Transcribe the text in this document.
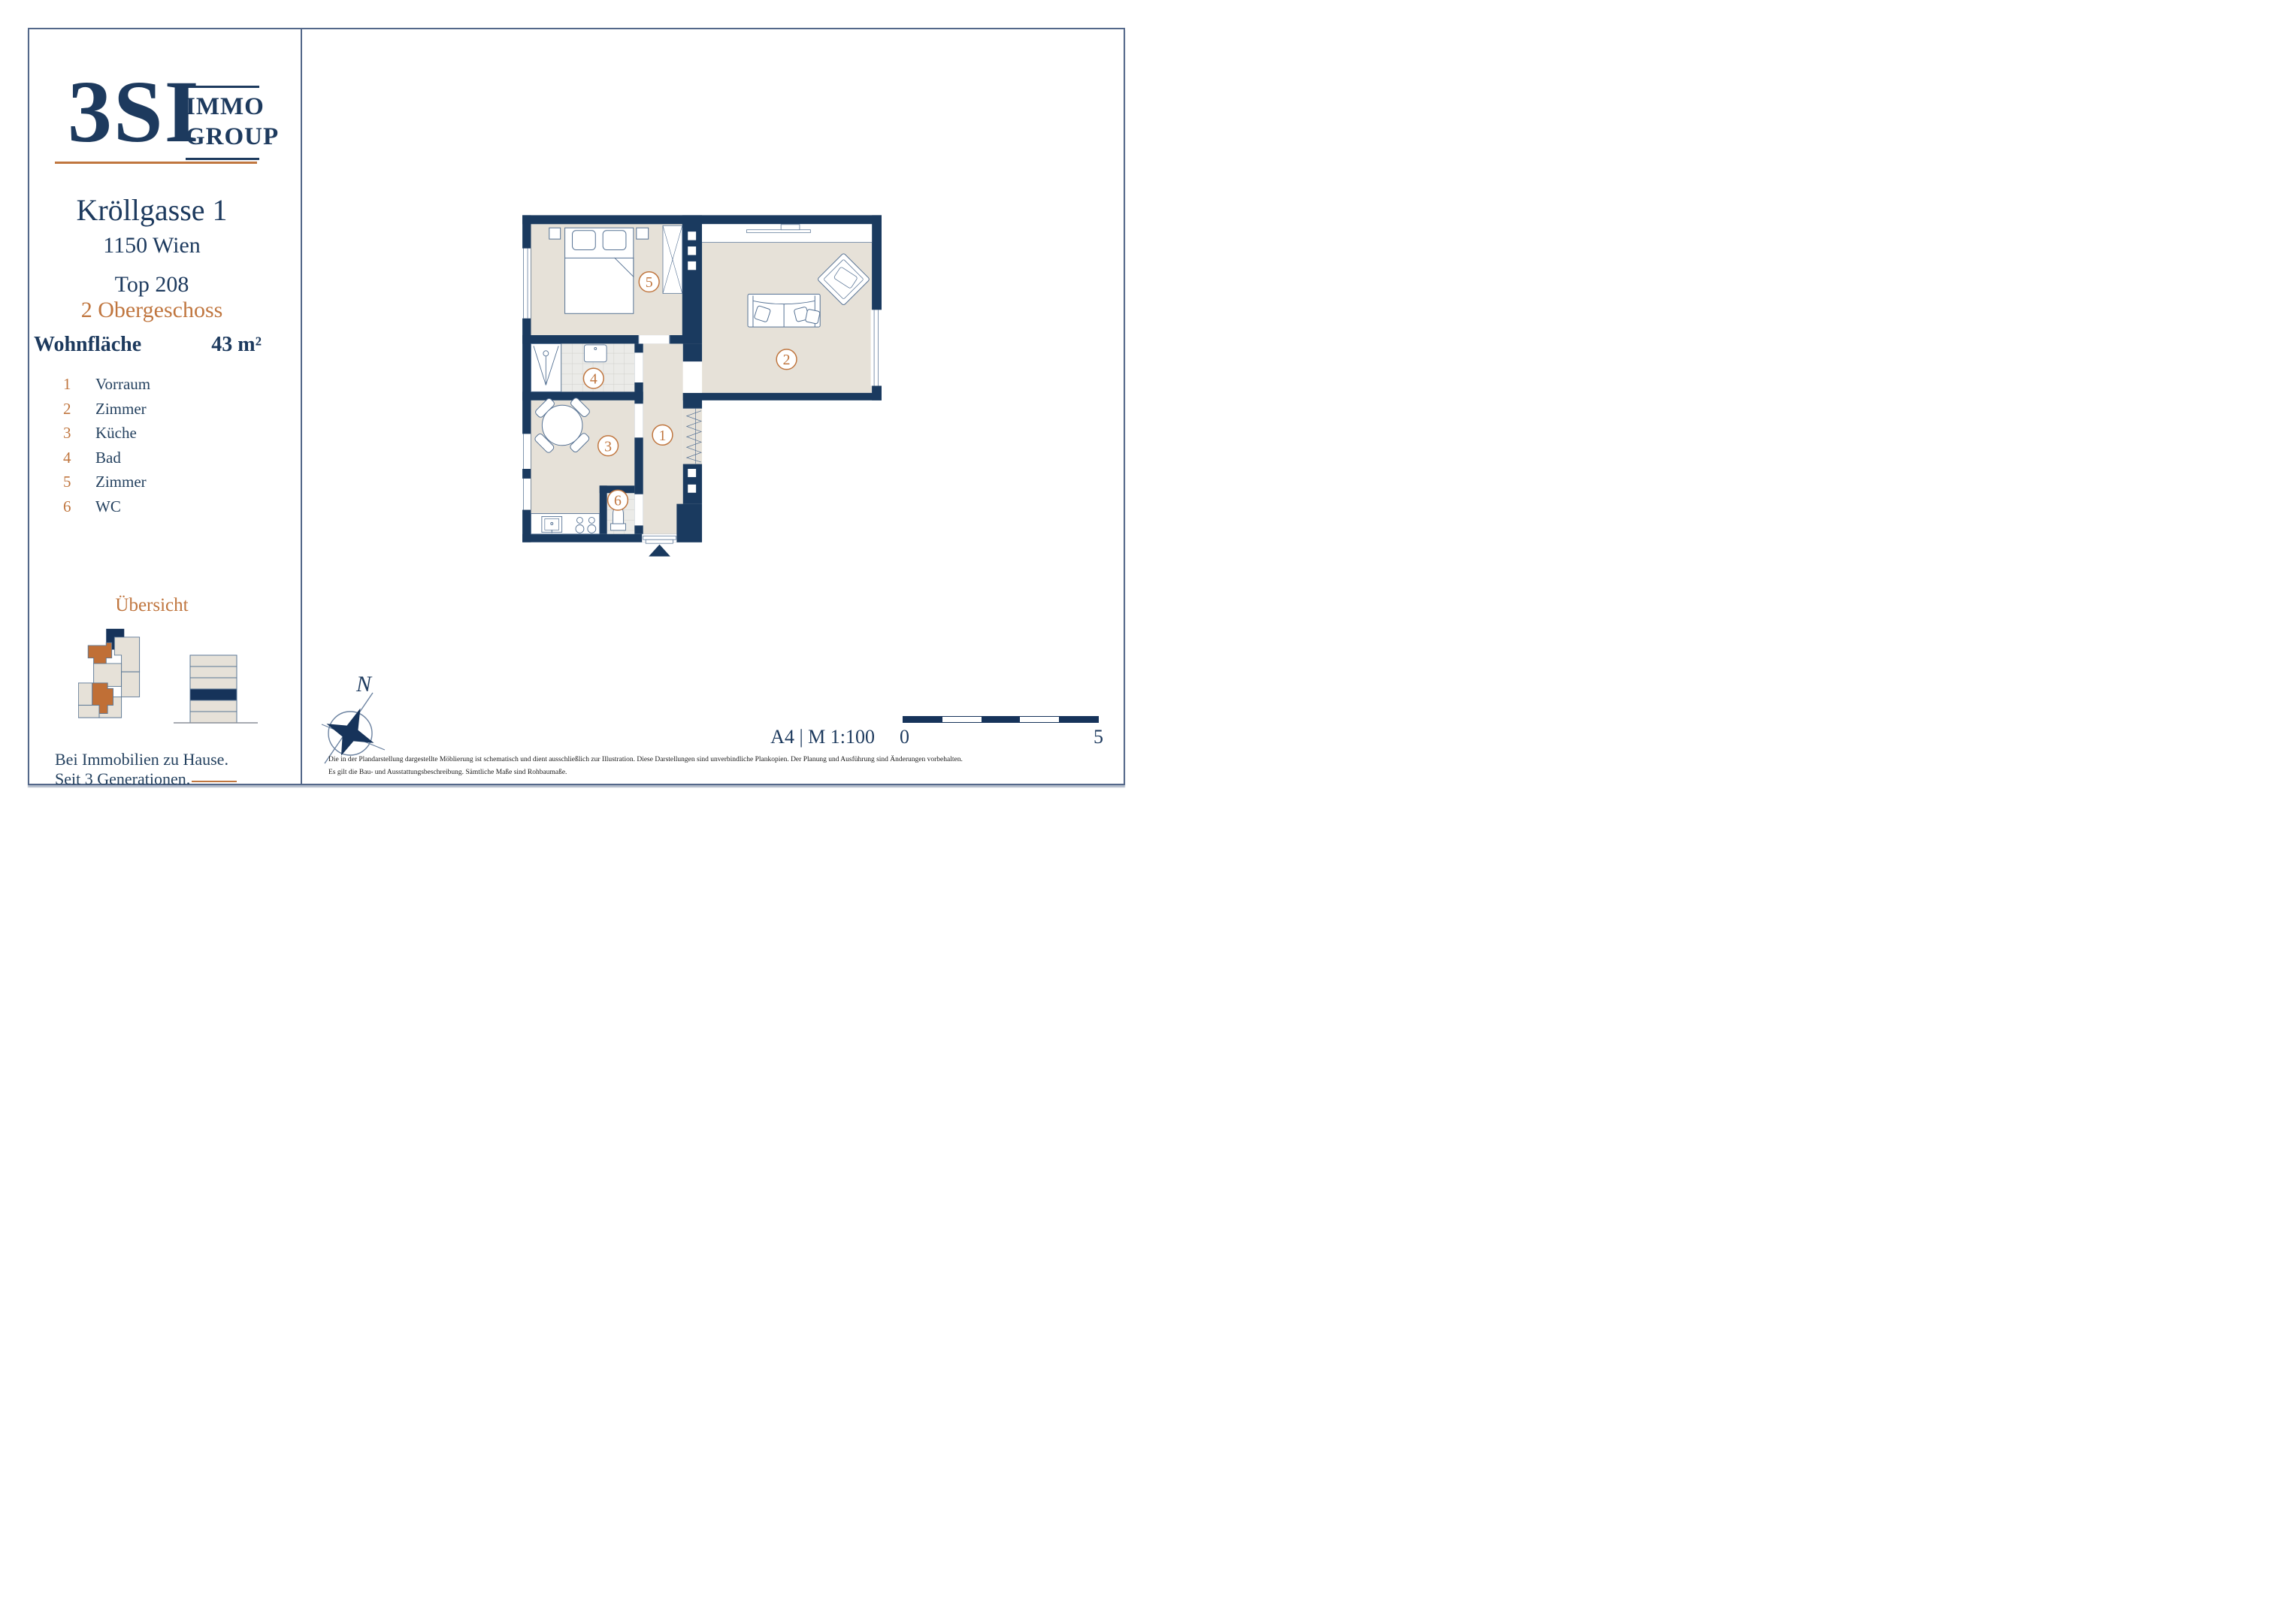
3SI
IMMO
GROUP
Kröllgasse 1
1150 Wien
Top 208
2 Obergeschoss
Wohnfläche	43 m²
1	Vorraum
2	Zimmer
3	Küche
4	Bad
5	Zimmer
6	WC
Übersicht
Bei Immobilien zu Hause.
Seit 3 Generationen.
1
2
3
4
5
6
N
A4 | M 1:100 0	5
Die in der Plandarstellung dargestellte Möblierung ist schematisch und dient ausschließlich zur Illustration. Diese Darstellungen sind unverbindliche Plankopien. Der Planung und Ausführung sind Änderungen vorbehalten.
Es gilt die Bau- und Ausstattungsbeschreibung. Sämtliche Maße sind Rohbaumaße.
